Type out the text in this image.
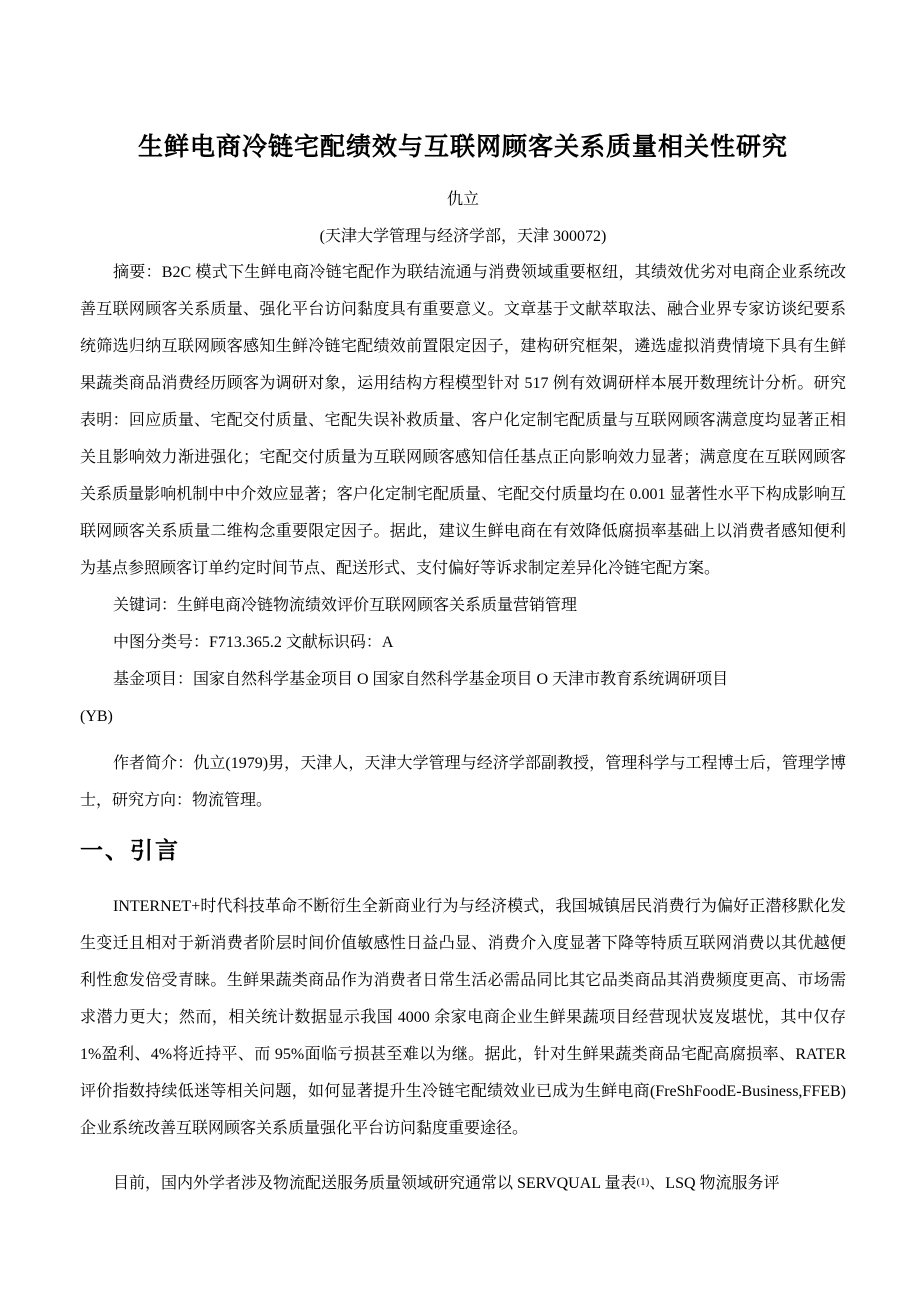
生鲜电商冷链宅配绩效与互联网顾客关系质量相关性研究
仇立
(天津大学管理与经济学部，天津 300072)

摘要：B2C 模式下生鲜电商冷链宅配作为联结流通与消费领域重要枢纽，其绩效优劣对电商企业系统改善互联网顾客关系质量、强化平台访问黏度具有重要意义。文章基于文献萃取法、融合业界专家访谈纪要系统筛选归纳互联网顾客感知生鲜冷链宅配绩效前置限定因子，建构研究框架，遴选虚拟消费情境下具有生鲜果蔬类商品消费经历顾客为调研对象，运用结构方程模型针对 517 例有效调研样本展开数理统计分析。研究表明：回应质量、宅配交付质量、宅配失误补救质量、客户化定制宅配质量与互联网顾客满意度均显著正相关且影响效力渐进强化；宅配交付质量为互联网顾客感知信任基点正向影响效力显著；满意度在互联网顾客关系质量影响机制中中介效应显著；客户化定制宅配质量、宅配交付质量均在 0.001 显著性水平下构成影响互联网顾客关系质量二维构念重要限定因子。据此，建议生鲜电商在有效降低腐损率基础上以消费者感知便利为基点参照顾客订单约定时间节点、配送形式、支付偏好等诉求制定差异化冷链宅配方案。

关键词：生鲜电商冷链物流绩效评价互联网顾客关系质量营销管理

中图分类号：F713.365.2 文献标识码：A

基金项目：国家自然科学基金项目 O 国家自然科学基金项目 O 天津市教育系统调研项目

(YB)

作者简介：仇立(1979)男，天津人，天津大学管理与经济学部副教授，管理科学与工程博士后，管理学博士，研究方向：物流管理。

一、引言

INTERNET+时代科技革命不断衍生全新商业行为与经济模式，我国城镇居民消费行为偏好正潜移默化发生变迁且相对于新消费者阶层时间价值敏感性日益凸显、消费介入度显著下降等特质互联网消费以其优越便利性愈发倍受青睐。生鲜果蔬类商品作为消费者日常生活必需品同比其它品类商品其消费频度更高、市场需求潜力更大；然而，相关统计数据显示我国 4000 余家电商企业生鲜果蔬项目经营现状岌岌堪忧，其中仅存 1%盈利、4%将近持平、而 95%面临亏损甚至难以为继。据此，针对生鲜果蔬类商品宅配高腐损率、RATER 评价指数持续低迷等相关问题，如何显著提升生冷链宅配绩效业已成为生鲜电商(FreShFoodE-Business,FFEB)企业系统改善互联网顾客关系质量强化平台访问黏度重要途径。

目前，国内外学者涉及物流配送服务质量领域研究通常以 SERVQUAL 量表$^{(1)}$、LSQ 物流服务评
